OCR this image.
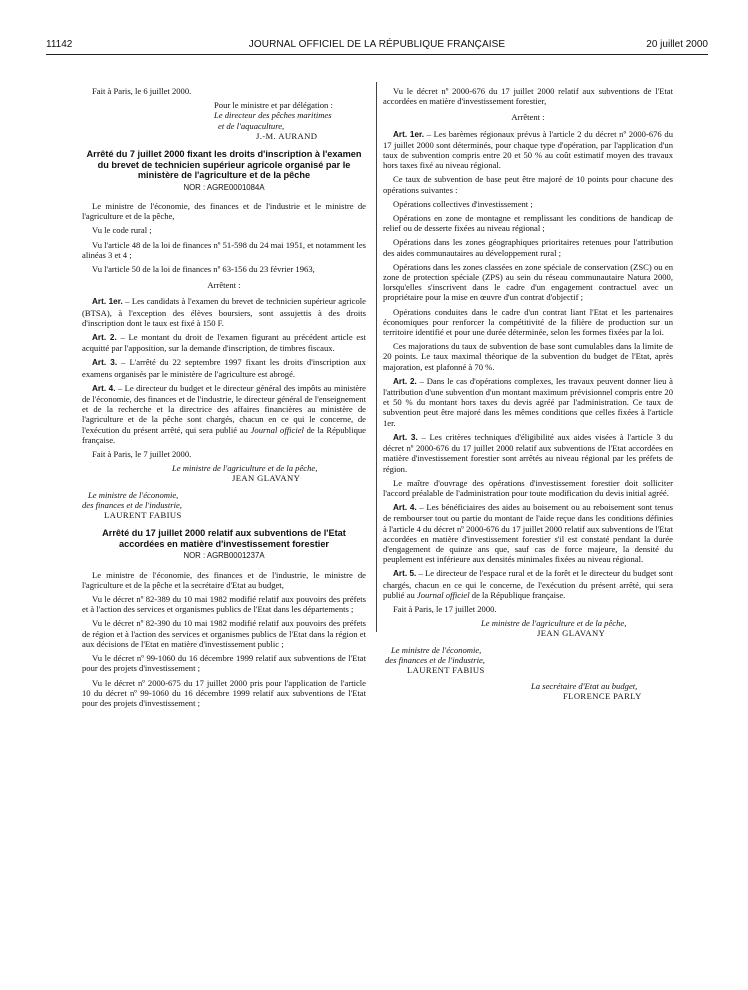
11142	JOURNAL OFFICIEL DE LA RÉPUBLIQUE FRANÇAISE	20 juillet 2000

Fait à Paris, le 6 juillet 2000.

Pour le ministre et par délégation :
Le directeur des pêches maritimes
et de l'aquaculture,
J.-M. AURAND
Arrêté du 7 juillet 2000 fixant les droits d'inscription à l'examen du brevet de technicien supérieur agricole organisé par le ministère de l'agriculture et de la pêche
NOR : AGRE0001084A

Le ministre de l'économie, des finances et de l'industrie et le ministre de l'agriculture et de la pêche,

Vu le code rural ;

Vu l'article 48 de la loi de finances nº 51-598 du 24 mai 1951, et notamment les alinéas 3 et 4 ;

Vu l'article 50 de la loi de finances nº 63-156 du 23 février 1963,

Arrêtent :

Art. 1er. – Les candidats à l'examen du brevet de technicien supérieur agricole (BTSA), à l'exception des élèves boursiers, sont assujettis à des droits d'inscription dont le taux est fixé à 150 F.

Art. 2. – Le montant du droit de l'examen figurant au précédent article est acquitté par l'apposition, sur la demande d'inscription, de timbres fiscaux.

Art. 3. – L'arrêté du 22 septembre 1997 fixant les droits d'inscription aux examens organisés par le ministère de l'agriculture est abrogé.

Art. 4. – Le directeur du budget et le directeur général des impôts au ministère de l'économie, des finances et de l'industrie, le directeur général de l'enseignement et de la recherche et la directrice des affaires financières au ministère de l'agriculture et de la pêche sont chargés, chacun en ce qui le concerne, de l'exécution du présent arrêté, qui sera publié au Journal officiel de la République française.

Fait à Paris, le 7 juillet 2000.

Le ministre de l'agriculture et de la pêche,
JEAN GLAVANY
Le ministre de l'économie,
des finances et de l'industrie,
LAURENT FABIUS
Arrêté du 17 juillet 2000 relatif aux subventions de l'Etat accordées en matière d'investissement forestier
NOR : AGRB0001237A

Le ministre de l'économie, des finances et de l'industrie, le ministre de l'agriculture et de la pêche et la secrétaire d'Etat au budget,

Vu le décret nº 82-389 du 10 mai 1982 modifié relatif aux pouvoirs des préfets et à l'action des services et organismes publics de l'Etat dans les départements ;

Vu le décret nº 82-390 du 10 mai 1982 modifié relatif aux pouvoirs des préfets de région et à l'action des services et organismes publics de l'Etat dans la région et aux décisions de l'Etat en matière d'investissement public ;

Vu le décret nº 99-1060 du 16 décembre 1999 relatif aux subventions de l'Etat pour des projets d'investissement ;

Vu le décret nº 2000-675 du 17 juillet 2000 pris pour l'application de l'article 10 du décret nº 99-1060 du 16 décembre 1999 relatif aux subventions de l'Etat pour des projets d'investissement ;

Vu le décret nº 2000-676 du 17 juillet 2000 relatif aux subventions de l'Etat accordées en matière d'investissement forestier,

Arrêtent :

Art. 1er. – Les barèmes régionaux prévus à l'article 2 du décret nº 2000-676 du 17 juillet 2000 sont déterminés, pour chaque type d'opération, par l'application d'un taux de subvention compris entre 20 et 50 % au coût estimatif moyen des travaux hors taxes fixé au niveau régional.

Ce taux de subvention de base peut être majoré de 10 points pour chacune des opérations suivantes :

Opérations collectives d'investissement ;

Opérations en zone de montagne et remplissant les conditions de handicap de relief ou de desserte fixées au niveau régional ;

Opérations dans les zones géographiques prioritaires retenues pour l'attribution des aides communautaires au développement rural ;

Opérations dans les zones classées en zone spéciale de conservation (ZSC) ou en zone de protection spéciale (ZPS) au sein du réseau communautaire Natura 2000, lorsqu'elles s'inscrivent dans le cadre d'un engagement contractuel avec un propriétaire pour la mise en œuvre d'un contrat d'objectif ;

Opérations conduites dans le cadre d'un contrat liant l'Etat et les partenaires économiques pour renforcer la compétitivité de la filière de production sur un territoire identifié et pour une durée déterminée, selon les formes fixées par la loi.

Ces majorations du taux de subvention de base sont cumulables dans la limite de 20 points. Le taux maximal théorique de la subvention du budget de l'Etat, après majoration, est plafonné à 70 %.

Art. 2. – Dans le cas d'opérations complexes, les travaux peuvent donner lieu à l'attribution d'une subvention d'un montant maximum prévisionnel compris entre 20 et 50 % du montant hors taxes du devis agréé par l'administration. Ce taux de subvention peut être majoré dans les mêmes conditions que celles fixées à l'article 1er.

Art. 3. – Les critères techniques d'éligibilité aux aides visées à l'article 3 du décret nº 2000-676 du 17 juillet 2000 relatif aux subventions de l'Etat accordées en matière d'investissement forestier sont arrêtés au niveau régional par les préfets de région.

Le maître d'ouvrage des opérations d'investissement forestier doit solliciter l'accord préalable de l'administration pour toute modification du devis initial agréé.

Art. 4. – Les bénéficiaires des aides au boisement ou au reboisement sont tenus de rembourser tout ou partie du montant de l'aide reçue dans les conditions définies à l'article 4 du décret nº 2000-676 du 17 juillet 2000 relatif aux subventions de l'Etat accordées en matière d'investissement forestier s'il est constaté pendant la durée d'engagement de quinze ans que, sauf cas de force majeure, la densité du peuplement est inférieure aux densités minimales fixées au niveau régional.

Art. 5. – Le directeur de l'espace rural et de la forêt et le directeur du budget sont chargés, chacun en ce qui le concerne, de l'exécution du présent arrêté, qui sera publié au Journal officiel de la République française.

Fait à Paris, le 17 juillet 2000.

Le ministre de l'agriculture et de la pêche,
JEAN GLAVANY
Le ministre de l'économie,
des finances et de l'industrie,
LAURENT FABIUS
La secrétaire d'Etat au budget,
FLORENCE PARLY
